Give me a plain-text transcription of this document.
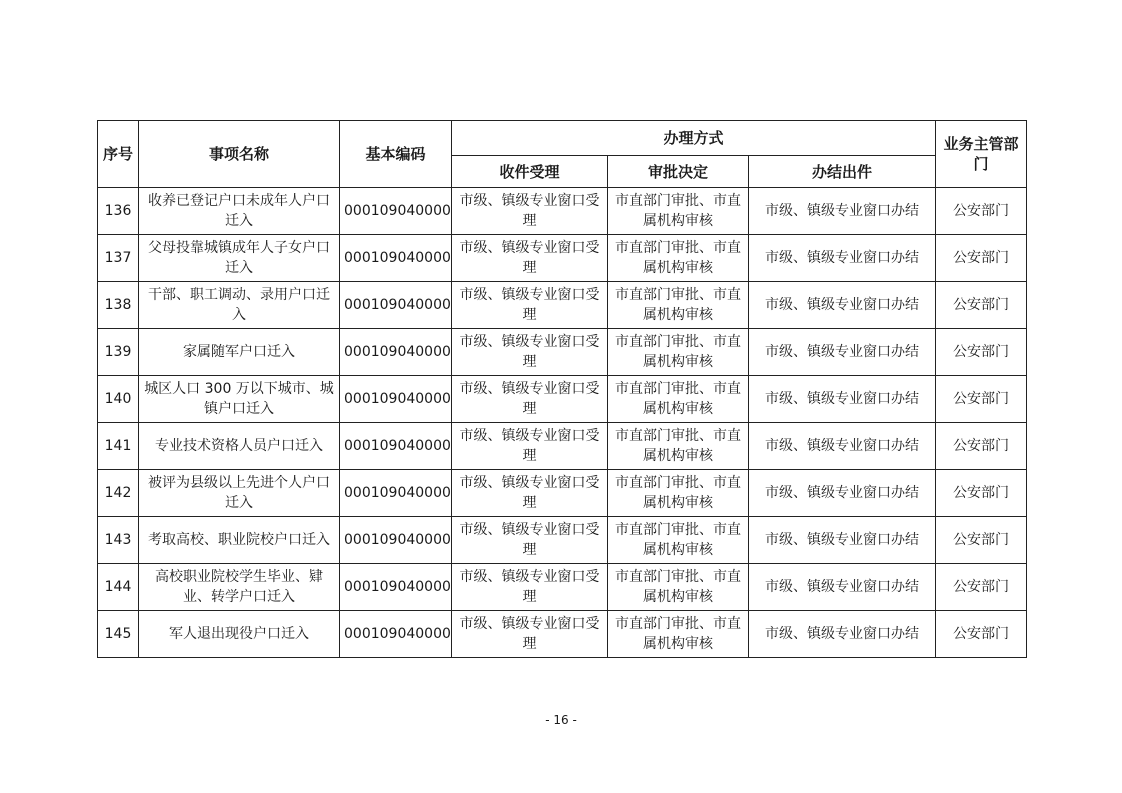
序号	事项名称	基本编码	办理方式			业务主管部门
			收件受理	审批决定	办结出件	
136	收养已登记户口未成年人户口迁入	000109040000	市级、镇级专业窗口受理	市直部门审批、市直属机构审核	市级、镇级专业窗口办结	公安部门
137	父母投靠城镇成年人子女户口迁入	000109040000	市级、镇级专业窗口受理	市直部门审批、市直属机构审核	市级、镇级专业窗口办结	公安部门
138	干部、职工调动、录用户口迁入	000109040000	市级、镇级专业窗口受理	市直部门审批、市直属机构审核	市级、镇级专业窗口办结	公安部门
139	家属随军户口迁入	000109040000	市级、镇级专业窗口受理	市直部门审批、市直属机构审核	市级、镇级专业窗口办结	公安部门
140	城区人口 300 万以下城市、城镇户口迁入	000109040000	市级、镇级专业窗口受理	市直部门审批、市直属机构审核	市级、镇级专业窗口办结	公安部门
141	专业技术资格人员户口迁入	000109040000	市级、镇级专业窗口受理	市直部门审批、市直属机构审核	市级、镇级专业窗口办结	公安部门
142	被评为县级以上先进个人户口迁入	000109040000	市级、镇级专业窗口受理	市直部门审批、市直属机构审核	市级、镇级专业窗口办结	公安部门
143	考取高校、职业院校户口迁入	000109040000	市级、镇级专业窗口受理	市直部门审批、市直属机构审核	市级、镇级专业窗口办结	公安部门
144	高校职业院校学生毕业、肄业、转学户口迁入	000109040000	市级、镇级专业窗口受理	市直部门审批、市直属机构审核	市级、镇级专业窗口办结	公安部门
145	军人退出现役户口迁入	000109040000	市级、镇级专业窗口受理	市直部门审批、市直属机构审核	市级、镇级专业窗口办结	公安部门
- 16 -
